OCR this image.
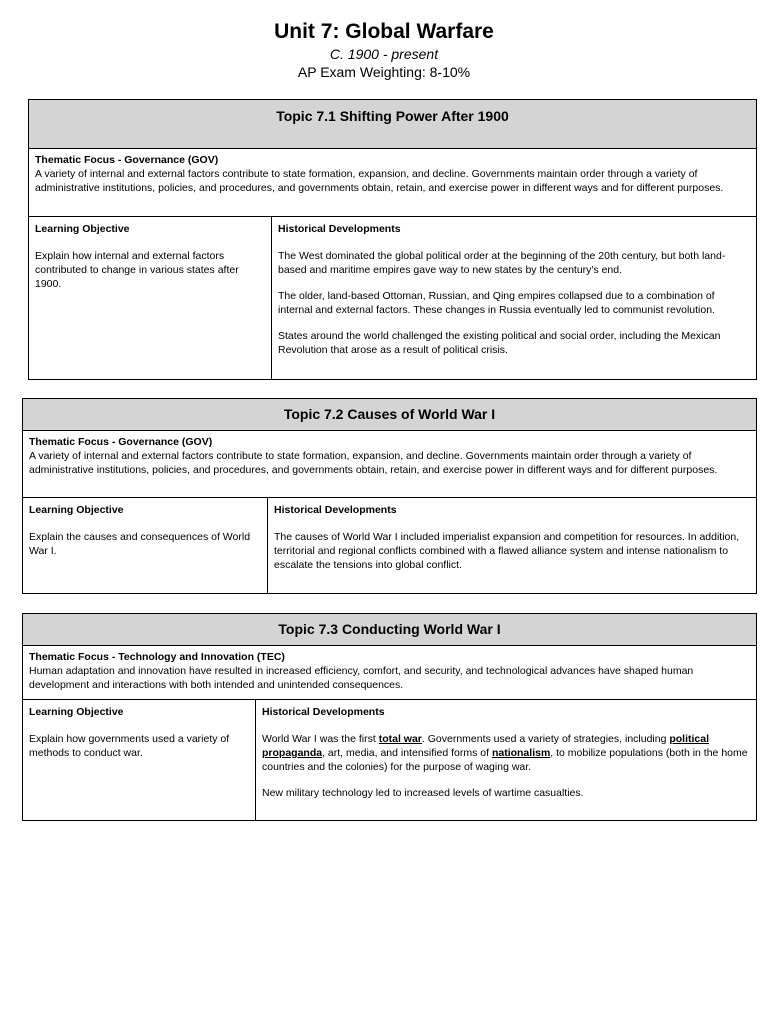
Unit 7: Global Warfare
C. 1900 - present
AP Exam Weighting: 8-10%
Topic 7.1 Shifting Power After 1900
Thematic Focus - Governance (GOV)
A variety of internal and external factors contribute to state formation, expansion, and decline. Governments maintain order through a variety of administrative institutions, policies, and procedures, and governments obtain, retain, and exercise power in different ways and for different purposes.
Learning Objective
Explain how internal and external factors contributed to change in various states after 1900.
Historical Developments

The West dominated the global political order at the beginning of the 20th century, but both land-based and maritime empires gave way to new states by the century's end.

The older, land-based Ottoman, Russian, and Qing empires collapsed due to a combination of internal and external factors. These changes in Russia eventually led to communist revolution.

States around the world challenged the existing political and social order, including the Mexican Revolution that arose as a result of political crisis.

Topic 7.2 Causes of World War I
Thematic Focus - Governance (GOV)
A variety of internal and external factors contribute to state formation, expansion, and decline. Governments maintain order through a variety of administrative institutions, policies, and procedures, and governments obtain, retain, and exercise power in different ways and for different purposes.
Learning Objective
Explain the causes and consequences of World War I.
Historical Developments

The causes of World War I included imperialist expansion and competition for resources. In addition, territorial and regional conflicts combined with a flawed alliance system and intense nationalism to escalate the tensions into global conflict.

Topic 7.3 Conducting World War I
Thematic Focus - Technology and Innovation (TEC)
Human adaptation and innovation have resulted in increased efficiency, comfort, and security, and technological advances have shaped human development and interactions with both intended and unintended consequences.
Learning Objective
Explain how governments used a variety of methods to conduct war.
Historical Developments

World War I was the first total war. Governments used a variety of strategies, including political propaganda, art, media, and intensified forms of nationalism, to mobilize populations (both in the home countries and the colonies) for the purpose of waging war.

New military technology led to increased levels of wartime casualties.
